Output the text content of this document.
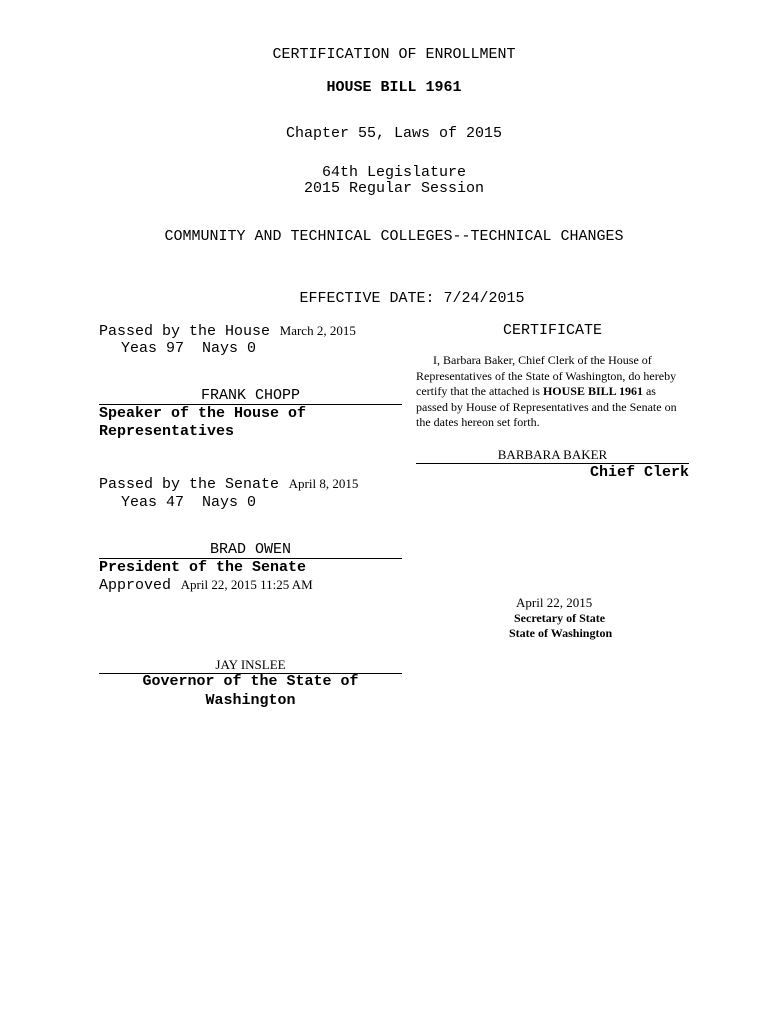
CERTIFICATION OF ENROLLMENT
HOUSE BILL 1961
Chapter 55, Laws of 2015
64th Legislature
2015 Regular Session
COMMUNITY AND TECHNICAL COLLEGES--TECHNICAL CHANGES
EFFECTIVE DATE: 7/24/2015
Passed by the House March 2, 2015
Yeas 97  Nays 0
FRANK CHOPP
Speaker of the House of
Representatives
Passed by the Senate April 8, 2015
Yeas 47  Nays 0
BRAD OWEN
President of the Senate
Approved April 22, 2015 11:25 AM
JAY INSLEE
Governor of the State of
Washington
CERTIFICATE
I, Barbara Baker, Chief Clerk of the House of
Representatives of the State of Washington, do hereby
certify that the attached is HOUSE BILL 1961 as
passed by House of Representatives and the Senate on
the dates hereon set forth.
BARBARA BAKER
Chief Clerk
April 22, 2015
Secretary of State
State of Washington
